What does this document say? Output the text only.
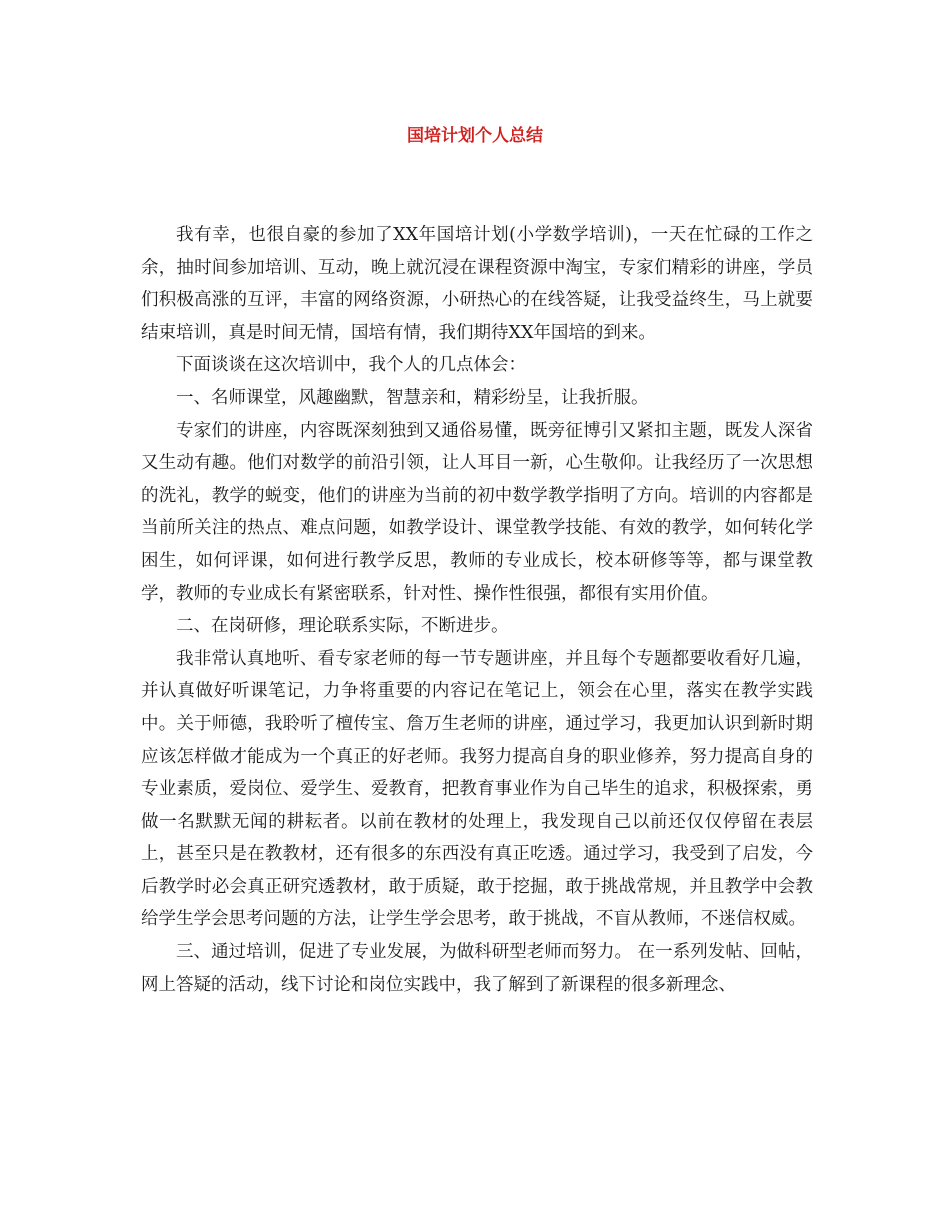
国培计划个人总结

我有幸，也很自豪的参加了XX年国培计划(小学数学培训)，一天在忙碌的工作之余，抽时间参加培训、互动，晚上就沉浸在课程资源中淘宝，专家们精彩的讲座，学员们积极高涨的互评，丰富的网络资源，小研热心的在线答疑，让我受益终生，马上就要结束培训，真是时间无情，国培有情，我们期待XX年国培的到来。

下面谈谈在这次培训中，我个人的几点体会：

一、名师课堂，风趣幽默，智慧亲和，精彩纷呈，让我折服。

专家们的讲座，内容既深刻独到又通俗易懂，既旁征博引又紧扣主题，既发人深省又生动有趣。他们对数学的前沿引领，让人耳目一新，心生敬仰。让我经历了一次思想的洗礼，教学的蜕变，他们的讲座为当前的初中数学教学指明了方向。培训的内容都是当前所关注的热点、难点问题，如教学设计、课堂教学技能、有效的教学，如何转化学困生，如何评课，如何进行教学反思，教师的专业成长，校本研修等等，都与课堂教学，教师的专业成长有紧密联系，针对性、操作性很强，都很有实用价值。

二、在岗研修，理论联系实际，不断进步。

我非常认真地听、看专家老师的每一节专题讲座，并且每个专题都要收看好几遍，并认真做好听课笔记，力争将重要的内容记在笔记上，领会在心里，落实在教学实践中。关于师德，我聆听了檀传宝、詹万生老师的讲座，通过学习，我更加认识到新时期应该怎样做才能成为一个真正的好老师。我努力提高自身的职业修养，努力提高自身的专业素质，爱岗位、爱学生、爱教育，把教育事业作为自己毕生的追求，积极探索，勇做一名默默无闻的耕耘者。以前在教材的处理上，我发现自己以前还仅仅停留在表层上，甚至只是在教教材，还有很多的东西没有真正吃透。通过学习，我受到了启发，今后教学时必会真正研究透教材，敢于质疑，敢于挖掘，敢于挑战常规，并且教学中会教给学生学会思考问题的方法，让学生学会思考，敢于挑战，不盲从教师，不迷信权威。

三、通过培训，促进了专业发展，为做科研型老师而努力。 在一系列发帖、回帖，网上答疑的活动，线下讨论和岗位实践中，我了解到了新课程的很多新理念、
